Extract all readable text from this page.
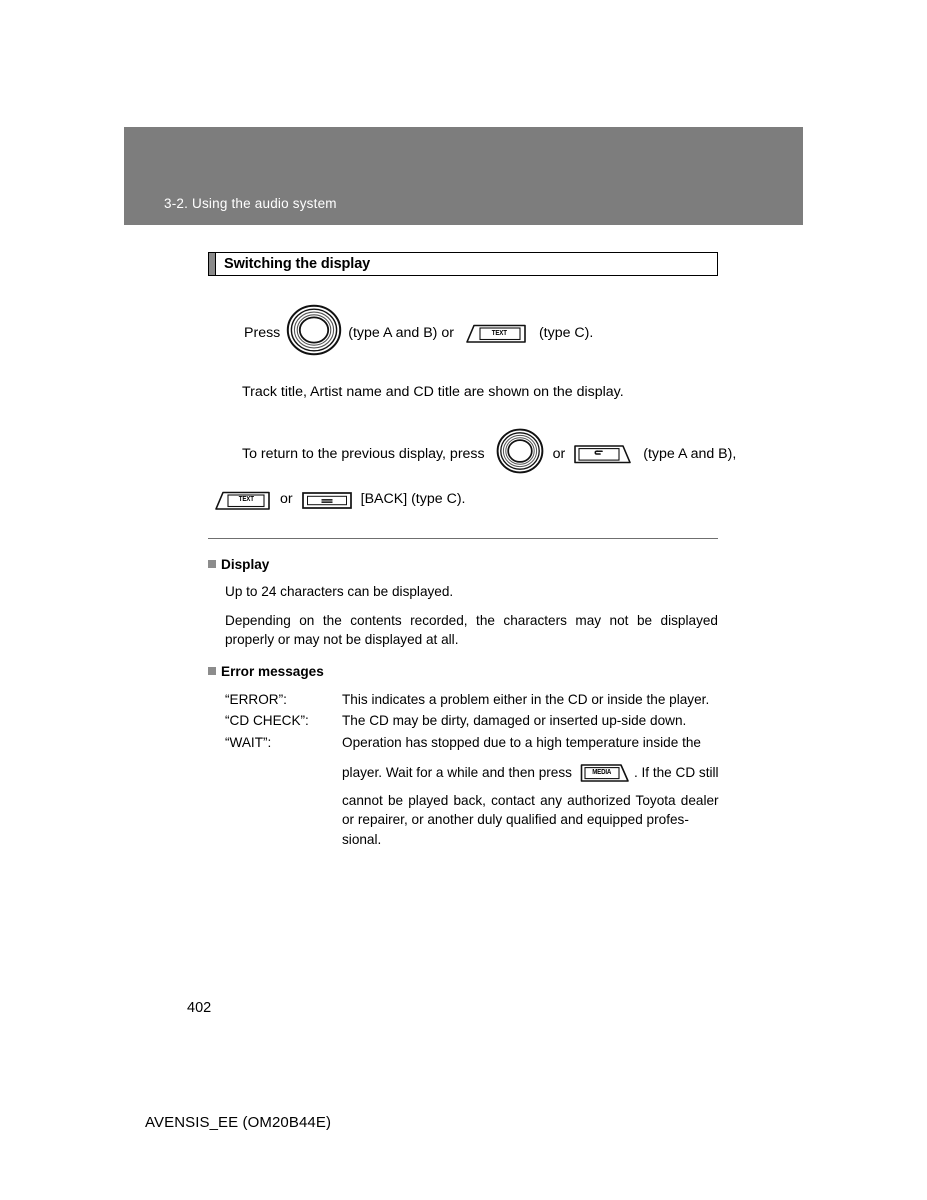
3-2. Using the audio system
Switching the display
Press	(type A and B) or	TEXT	(type C).
Track title, Artist name and CD title are shown on the display.
To return to the previous display, press	or	(type A and B),
TEXT	or	[BACK] (type C).
Display
Up to 24 characters can be displayed.
Depending on the contents recorded, the characters may not be displayed properly or may not be displayed at all.
Error messages
“ERROR”:	This indicates a problem either in the CD or inside the player.
“CD CHECK”:	The CD may be dirty, damaged or inserted up-side down.
“WAIT”:	Operation has stopped due to a high temperature inside the
player. Wait for a while and then press	MEDIA	. If the CD still
cannot be played back, contact any authorized Toyota dealer or repairer, or another duly qualified and equipped profes-
sional.
402
AVENSIS_EE (OM20B44E)
